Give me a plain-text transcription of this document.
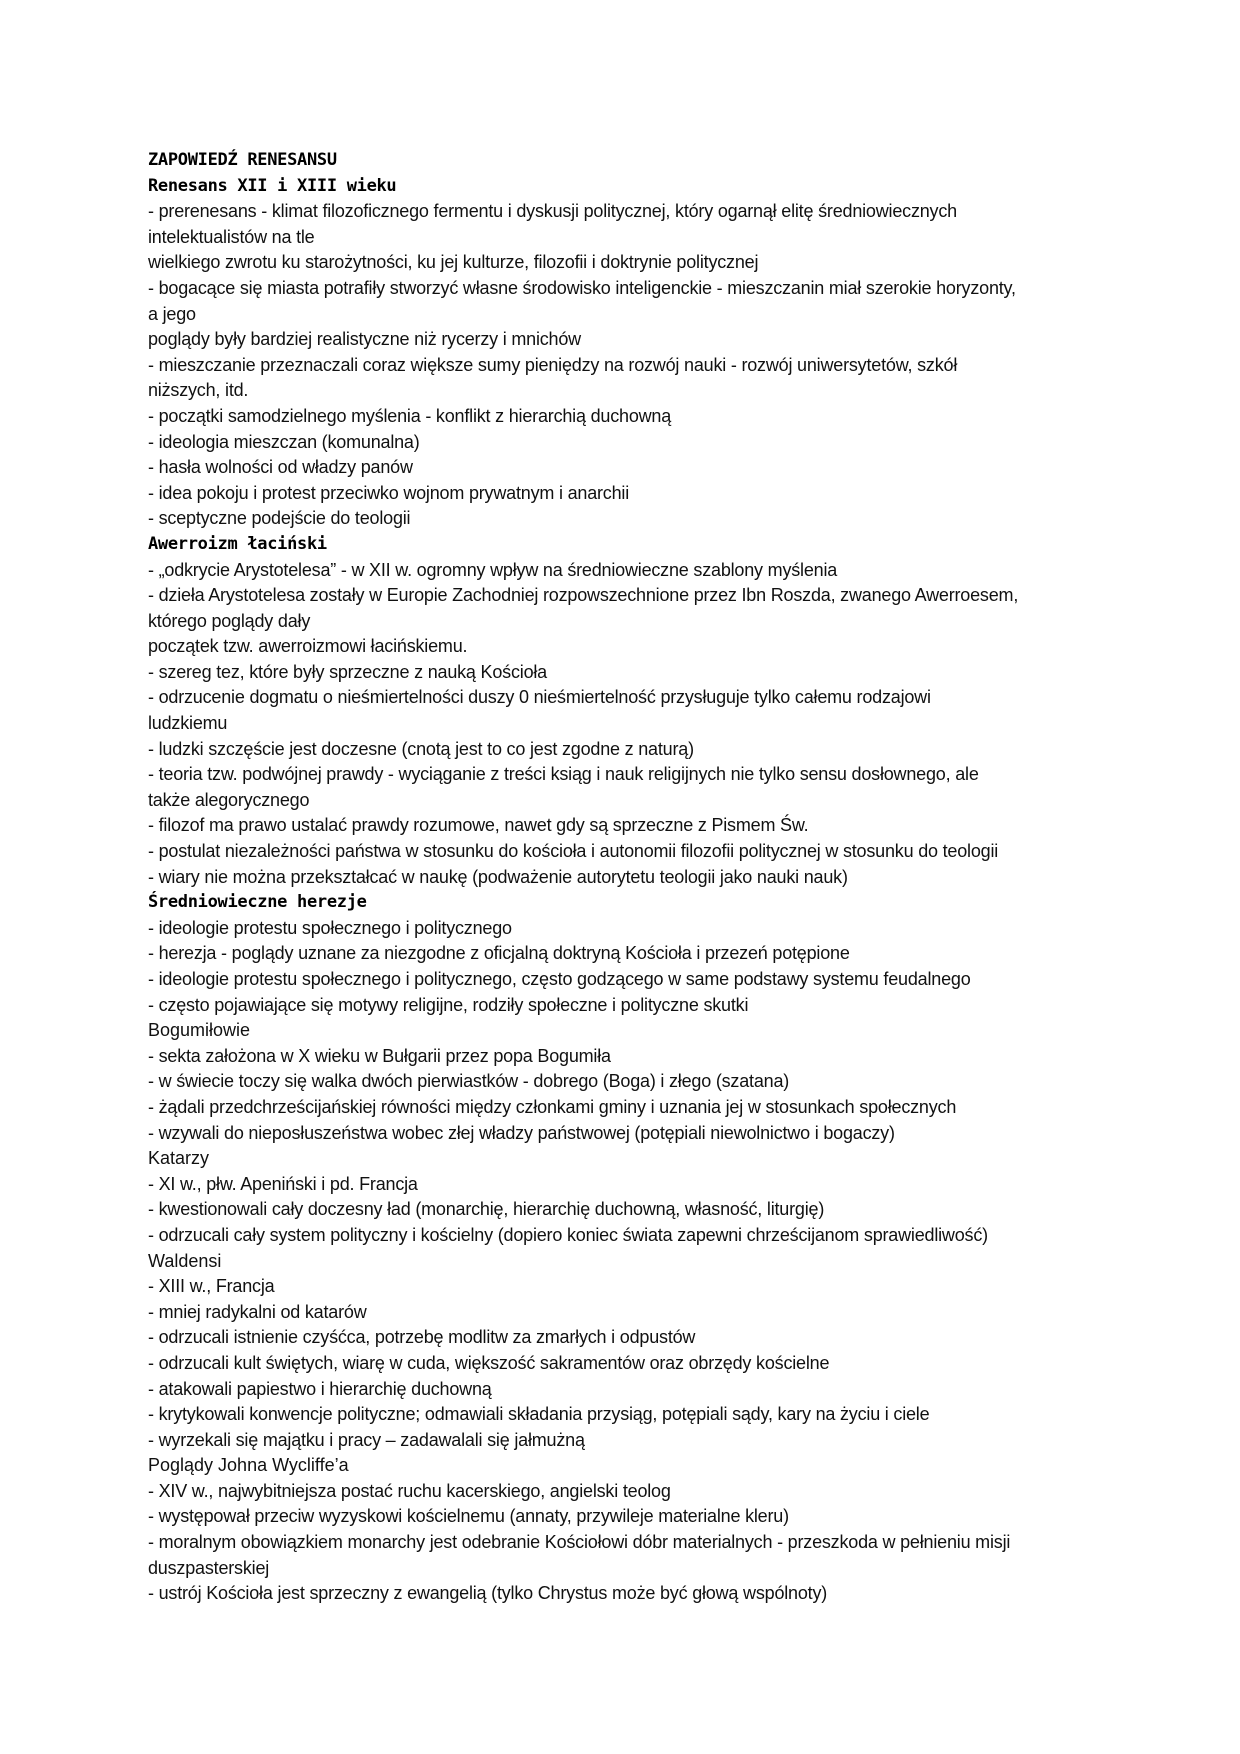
ZAPOWIEDŹ RENESANSU
Renesans XII i XIII wieku
- prerenesans - klimat filozoficznego fermentu i dyskusji politycznej, który ogarnął elitę średniowiecznych
intelektualistów na tle
wielkiego zwrotu ku starożytności, ku jej kulturze, filozofii i doktrynie politycznej
- bogacące się miasta potrafiły stworzyć własne środowisko inteligenckie - mieszczanin miał szerokie horyzonty,
a jego
poglądy były bardziej realistyczne niż rycerzy i mnichów
- mieszczanie przeznaczali coraz większe sumy pieniędzy na rozwój nauki - rozwój uniwersytetów, szkół
niższych, itd.
- początki samodzielnego myślenia - konflikt z hierarchią duchowną
- ideologia mieszczan (komunalna)
- hasła wolności od władzy panów
- idea pokoju i protest przeciwko wojnom prywatnym i anarchii
- sceptyczne podejście do teologii
Awerroizm łaciński
- „odkrycie Arystotelesa” - w XII w. ogromny wpływ na średniowieczne szablony myślenia
- dzieła Arystotelesa zostały w Europie Zachodniej rozpowszechnione przez Ibn Roszda, zwanego Awerroesem,
którego poglądy dały
początek tzw. awerroizmowi łacińskiemu.
- szereg tez, które były sprzeczne z nauką Kościoła
- odrzucenie dogmatu o nieśmiertelności duszy 0 nieśmiertelność przysługuje tylko całemu rodzajowi
ludzkiemu
- ludzki szczęście jest doczesne (cnotą jest to co jest zgodne z naturą)
- teoria tzw. podwójnej prawdy - wyciąganie z treści ksiąg i nauk religijnych nie tylko sensu dosłownego, ale
także alegorycznego
- filozof ma prawo ustalać prawdy rozumowe, nawet gdy są sprzeczne z Pismem Św.
- postulat niezależności państwa w stosunku do kościoła i autonomii filozofii politycznej w stosunku do teologii
- wiary nie można przekształcać w naukę (podważenie autorytetu teologii jako nauki nauk)
Średniowieczne herezje
- ideologie protestu społecznego i politycznego
- herezja - poglądy uznane za niezgodne z oficjalną doktryną Kościoła i przezeń potępione
- ideologie protestu społecznego i politycznego, często godzącego w same podstawy systemu feudalnego
- często pojawiające się motywy religijne, rodziły społeczne i polityczne skutki
Bogumiłowie
- sekta założona w X wieku w Bułgarii przez popa Bogumiła
- w świecie toczy się walka dwóch pierwiastków - dobrego (Boga) i złego (szatana)
- żądali przedchrześcijańskiej równości między członkami gminy i uznania jej w stosunkach społecznych
- wzywali do nieposłuszeństwa wobec złej władzy państwowej (potępiali niewolnictwo i bogaczy)
Katarzy
- XI w., płw. Apeniński i pd. Francja
- kwestionowali cały doczesny ład (monarchię, hierarchię duchowną, własność, liturgię)
- odrzucali cały system polityczny i kościelny (dopiero koniec świata zapewni chrześcijanom sprawiedliwość)
Waldensi
- XIII w., Francja
- mniej radykalni od katarów
- odrzucali istnienie czyśćca, potrzebę modlitw za zmarłych i odpustów
- odrzucali kult świętych, wiarę w cuda, większość sakramentów oraz obrzędy kościelne
- atakowali papiestwo i hierarchię duchowną
- krytykowali konwencje polityczne; odmawiali składania przysiąg, potępiali sądy, kary na życiu i ciele
- wyrzekali się majątku i pracy – zadawalali się jałmużną
Poglądy Johna Wycliffe’a
- XIV w., najwybitniejsza postać ruchu kacerskiego, angielski teolog
- występował przeciw wyzyskowi kościelnemu (annaty, przywileje materialne kleru)
- moralnym obowiązkiem monarchy jest odebranie Kościołowi dóbr materialnych - przeszkoda w pełnieniu misji
duszpasterskiej
- ustrój Kościoła jest sprzeczny z ewangelią (tylko Chrystus może być głową wspólnoty)
